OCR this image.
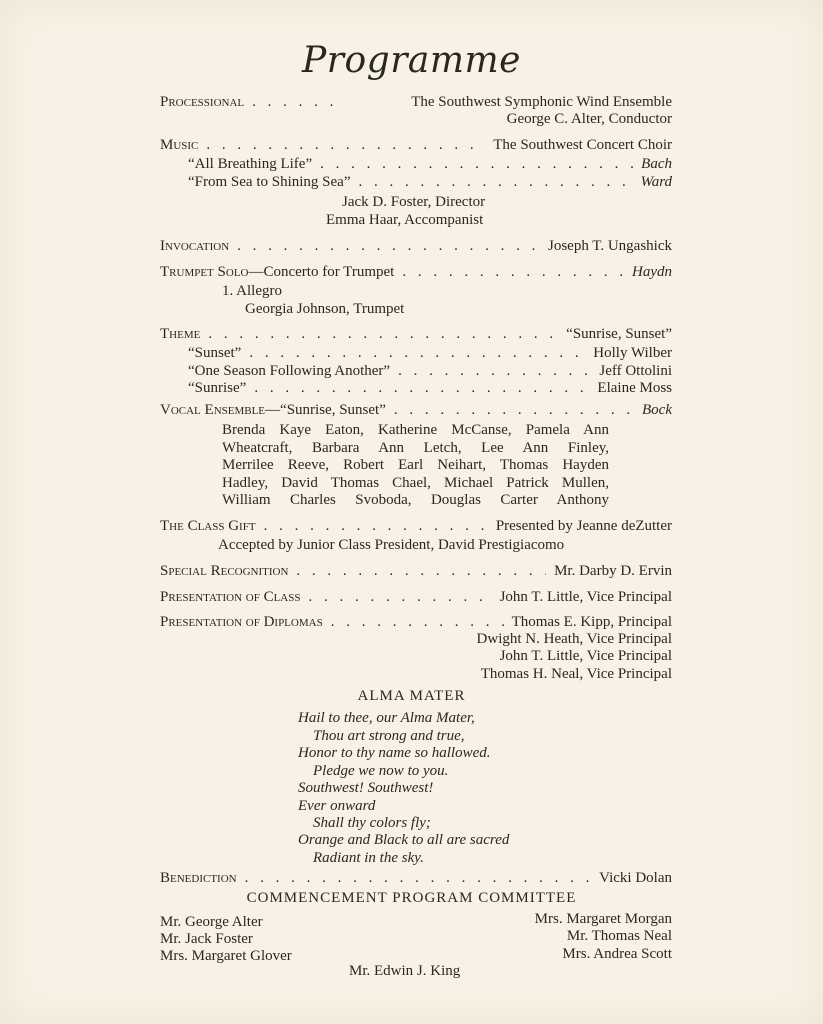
Programme
Processional . . .	The Southwest Symphonic Wind Ensemble
George C. Alter, Conductor
Music . . .	The Southwest Concert Choir
“All Breathing Life” . . .	Bach
“From Sea to Shining Sea” . . .	Ward
Jack D. Foster, Director
Emma Haar, Accompanist
Invocation . . .	Joseph T. Ungashick
Trumpet Solo—Concerto for Trumpet . . .	Haydn
1. Allegro
Georgia Johnson, Trumpet
Theme . . .	“Sunrise, Sunset”
“Sunset” . . .	Holly Wilber
“One Season Following Another” . . .	Jeff Ottolini
“Sunrise” . . .	Elaine Moss
Vocal Ensemble—“Sunrise, Sunset” . . .	Bock
Brenda Kaye Eaton, Katherine McCanse, Pamela Ann
Wheatcraft, Barbara Ann Letch, Lee Ann Finley,
Merrilee Reeve, Robert Earl Neihart, Thomas Hayden
Hadley, David Thomas Chael, Michael Patrick Mullen,
William Charles Svoboda, Douglas Carter Anthony
The Class Gift . . .	Presented by Jeanne deZutter
Accepted by Junior Class President, David Prestigiacomo
Special Recognition . . .	Mr. Darby D. Ervin
Presentation of Class . . .	John T. Little, Vice Principal
Presentation of Diplomas . . .	Thomas E. Kipp, Principal
Dwight N. Heath, Vice Principal
John T. Little, Vice Principal
Thomas H. Neal, Vice Principal
ALMA MATER
Hail to thee, our Alma Mater,
Thou art strong and true,
Honor to thy name so hallowed.
Pledge we now to you.
Southwest! Southwest!
Ever onward
Shall thy colors fly;
Orange and Black to all are sacred
Radiant in the sky.
Benediction . . .	Vicki Dolan
COMMENCEMENT PROGRAM COMMITTEE
Mr. George Alter
Mr. Jack Foster
Mrs. Margaret Glover
Mrs. Margaret Morgan
Mr. Thomas Neal
Mrs. Andrea Scott
Mr. Edwin J. King
